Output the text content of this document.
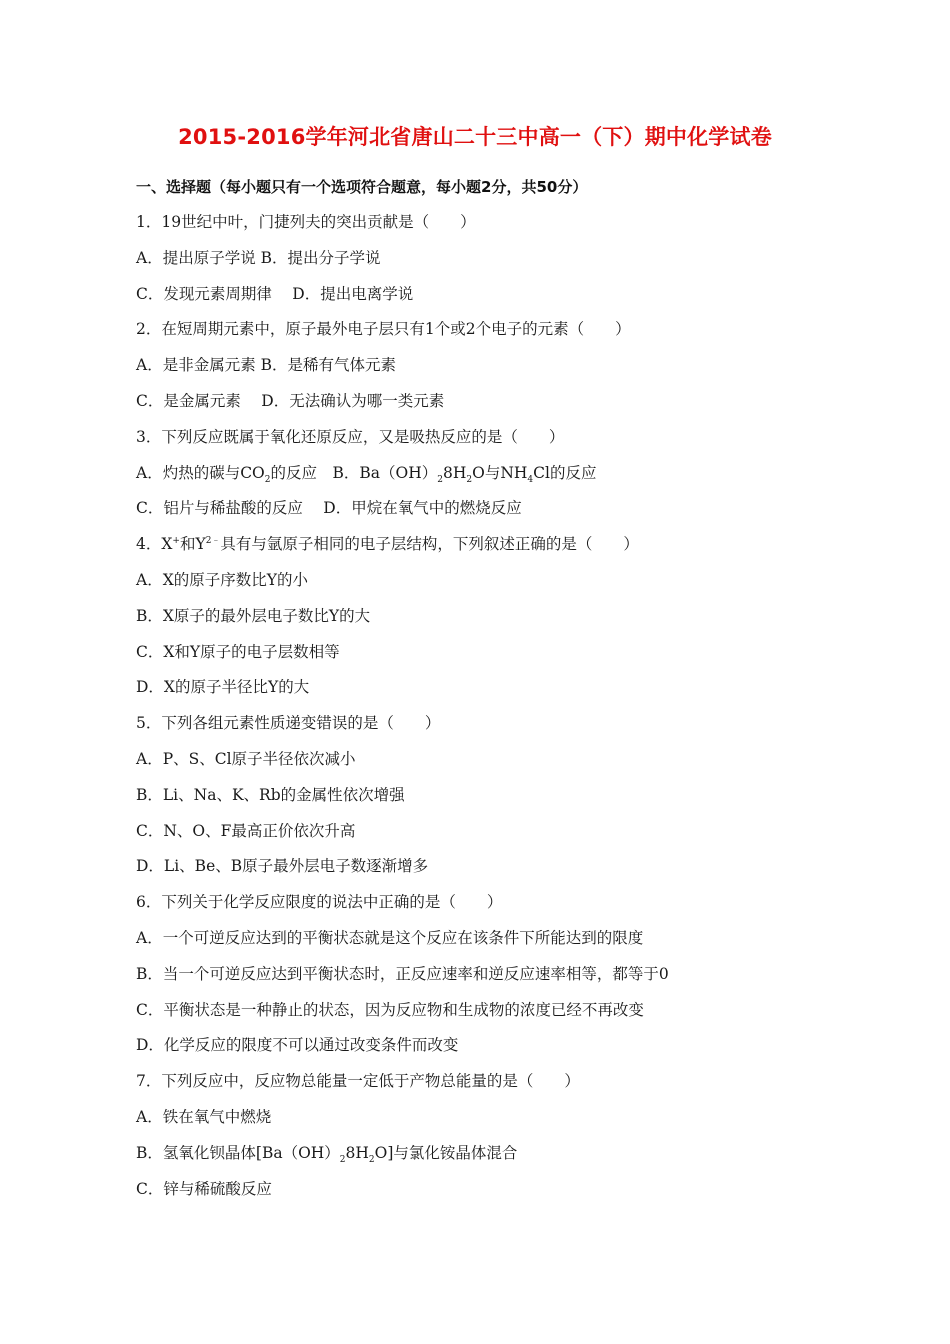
2015-2016学年河北省唐山二十三中高一（下）期中化学试卷
一、选择题（每小题只有一个选项符合题意，每小题2分，共50分）
1．19世纪中叶，门捷列夫的突出贡献是（　　）
A．提出原子学说 B．提出分子学说
C．发现元素周期律　 D．提出电离学说
2．在短周期元素中，原子最外电子层只有1个或2个电子的元素（　　）
A．是非金属元素 B．是稀有气体元素
C．是金属元素　 D．无法确认为哪一类元素
3．下列反应既属于氧化还原反应，又是吸热反应的是（　　）
A．灼热的碳与$CO_2$的反应　B．$Ba(OH)_28H_2O$与$NH_4Cl$的反应
C．铝片与稀盐酸的反应　 D．甲烷在氧气中的燃烧反应
4．X+和$Y^{2﹣}$具有与氩原子相同的电子层结构，下列叙述正确的是（　　）
A．X的原子序数比Y的小
B．X原子的最外层电子数比Y的大
C．X和Y原子的电子层数相等
D．X的原子半径比Y的大
5．下列各组元素性质递变错误的是（　　）
A．P、S、Cl原子半径依次减小
B．Li、Na、K、Rb的金属性依次增强
C．N、O、F最高正价依次升高
D．Li、Be、B原子最外层电子数逐渐增多
6．下列关于化学反应限度的说法中正确的是（　　）
A．一个可逆反应达到的平衡状态就是这个反应在该条件下所能达到的限度
B．当一个可逆反应达到平衡状态时，正反应速率和逆反应速率相等，都等于0
C．平衡状态是一种静止的状态，因为反应物和生成物的浓度已经不再改变
D．化学反应的限度不可以通过改变条件而改变
7．下列反应中，反应物总能量一定低于产物总能量的是（　　）
A．铁在氧气中燃烧
B．氢氧化钡晶体$[Ba(OH)_28H_2O]$与氯化铵晶体混合
C．锌与稀硫酸反应
